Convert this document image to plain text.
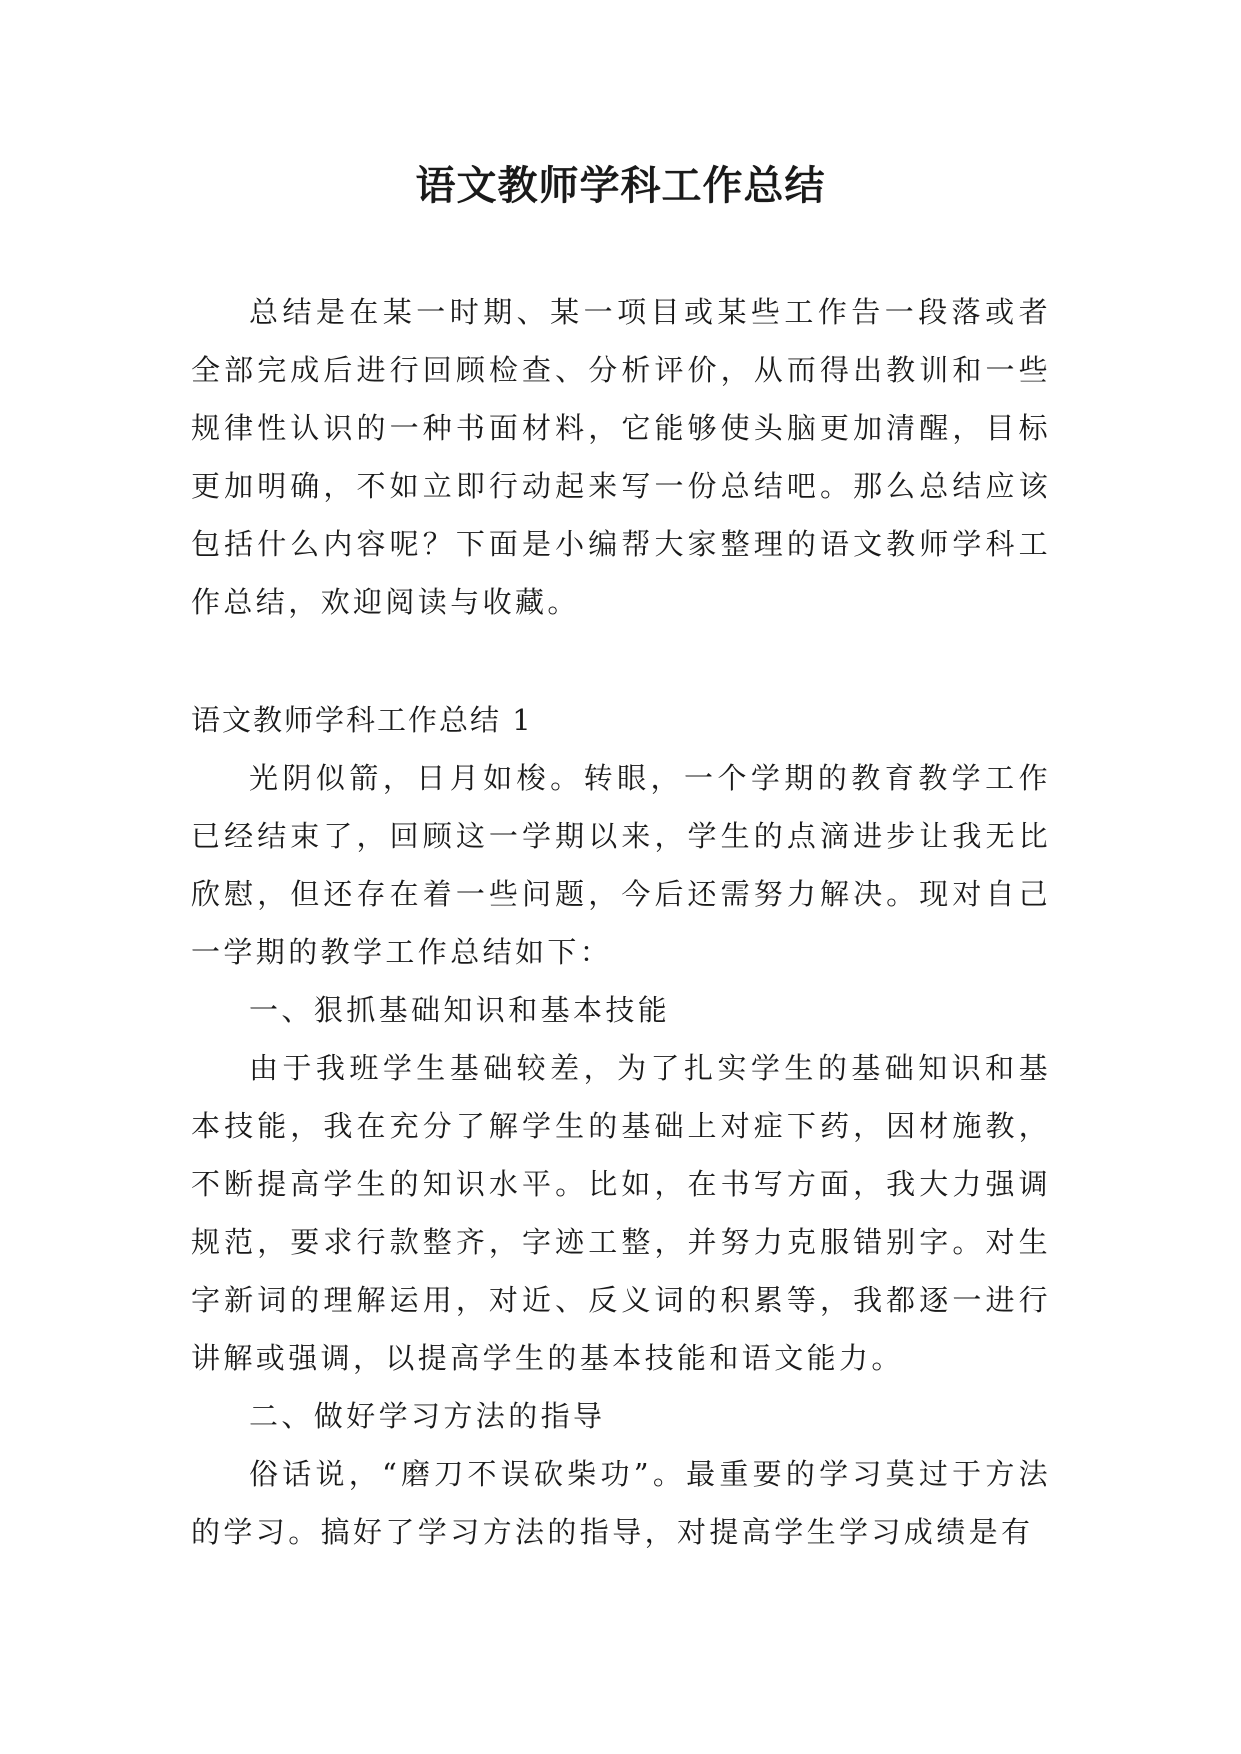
语文教师学科工作总结

总结是在某一时期、某一项目或某些工作告一段落或者全部完成后进行回顾检查、分析评价，从而得出教训和一些规律性认识的一种书面材料，它能够使头脑更加清醒，目标更加明确，不如立即行动起来写一份总结吧。那么总结应该包括什么内容呢？下面是小编帮大家整理的语文教师学科工作总结，欢迎阅读与收藏。

语文教师学科工作总结 1

光阴似箭，日月如梭。转眼，一个学期的教育教学工作已经结束了，回顾这一学期以来，学生的点滴进步让我无比欣慰，但还存在着一些问题，今后还需努力解决。现对自己一学期的教学工作总结如下：

一、狠抓基础知识和基本技能

由于我班学生基础较差，为了扎实学生的基础知识和基本技能，我在充分了解学生的基础上对症下药，因材施教，不断提高学生的知识水平。比如，在书写方面，我大力强调规范，要求行款整齐，字迹工整，并努力克服错别字。对生字新词的理解运用，对近、反义词的积累等，我都逐一进行讲解或强调，以提高学生的基本技能和语文能力。

二、做好学习方法的指导

俗话说，“磨刀不误砍柴功”。最重要的学习莫过于方法的学习。搞好了学习方法的指导，对提高学生学习成绩是有
